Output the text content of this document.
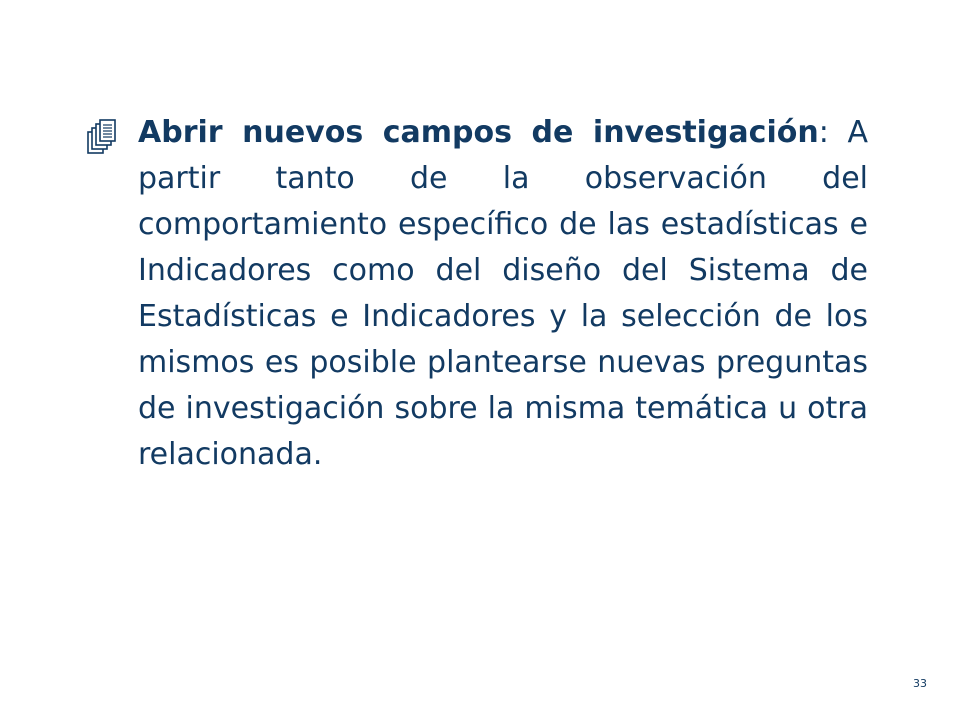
Abrir nuevos campos de investigación: A partir tanto de la observación del comportamiento específico de las estadísticas e Indicadores como del diseño del Sistema de Estadísticas e Indicadores y la selección de los mismos es posible plantearse nuevas preguntas de investigación sobre la misma temática u otra relacionada.
33
